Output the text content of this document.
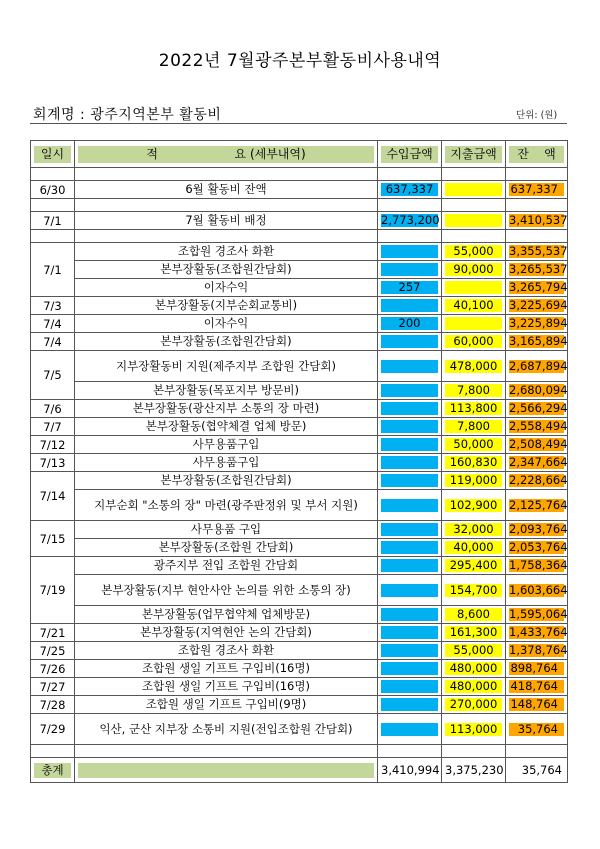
2022년 7월광주본부활동비사용내역
회계명 : 광주지역본부 활동비	단위: (원)
일시	적 요 (세부내역)	수입금액	지출금액	잔 액

6/30	6월 활동비 잔액	637,337		637,337

7/1	7월 활동비 배정	2,773,200		3,410,537

7/1	조합원 경조사 화환		55,000	3,355,537

	본부장활동(조합원간담회)		90,000	3,265,537

	이자수익	257		3,265,794

7/3	본부장활동(지부순회교통비)		40,100	3,225,694

7/4	이자수익	200		3,225,894

7/4	본부장활동(조합원간담회)		60,000	3,165,894

7/5	지부장활동비 지원(제주지부 조합원 간담회)		478,000	2,687,894

	본부장활동(목포지부 방문비)		7,800	2,680,094

7/6	본부장활동(광산지부 소통의 장 마련)		113,800	2,566,294

7/7	본부장활동(협약체결 업체 방문)		7,800	2,558,494

7/12	사무용품구입		50,000	2,508,494

7/13	사무용품구입		160,830	2,347,664

7/14	본부장활동(조합원간담회)		119,000	2,228,664

	지부순회 "소통의 장" 마련(광주판정위 및 부서 지원)		102,900	2,125,764

7/15	사무용품 구입		32,000	2,093,764

	본부장활동(조합원 간담회)		40,000	2,053,764

7/19	광주지부 전입 조합원 간담회		295,400	1,758,364

	본부장활동(지부 현안사안 논의를 위한 소통의 장)		154,700	1,603,664

	본부장활동(업무협약체 업체방문)		8,600	1,595,064

7/21	본부장활동(지역현안 논의 간담회)		161,300	1,433,764

7/25	조합원 경조사 화환		55,000	1,378,764

7/26	조합원 생일 기프트 구입비(16명)		480,000	898,764

7/27	조합원 생일 기프트 구입비(16명)		480,000	418,764

7/28	조합원 생일 기프트 구입비(9명)		270,000	148,764

7/29	익산, 군산 지부장 소통비 지원(전입조합원 간담회)		113,000	35,764

총계		3,410,994	3,375,230	35,764
